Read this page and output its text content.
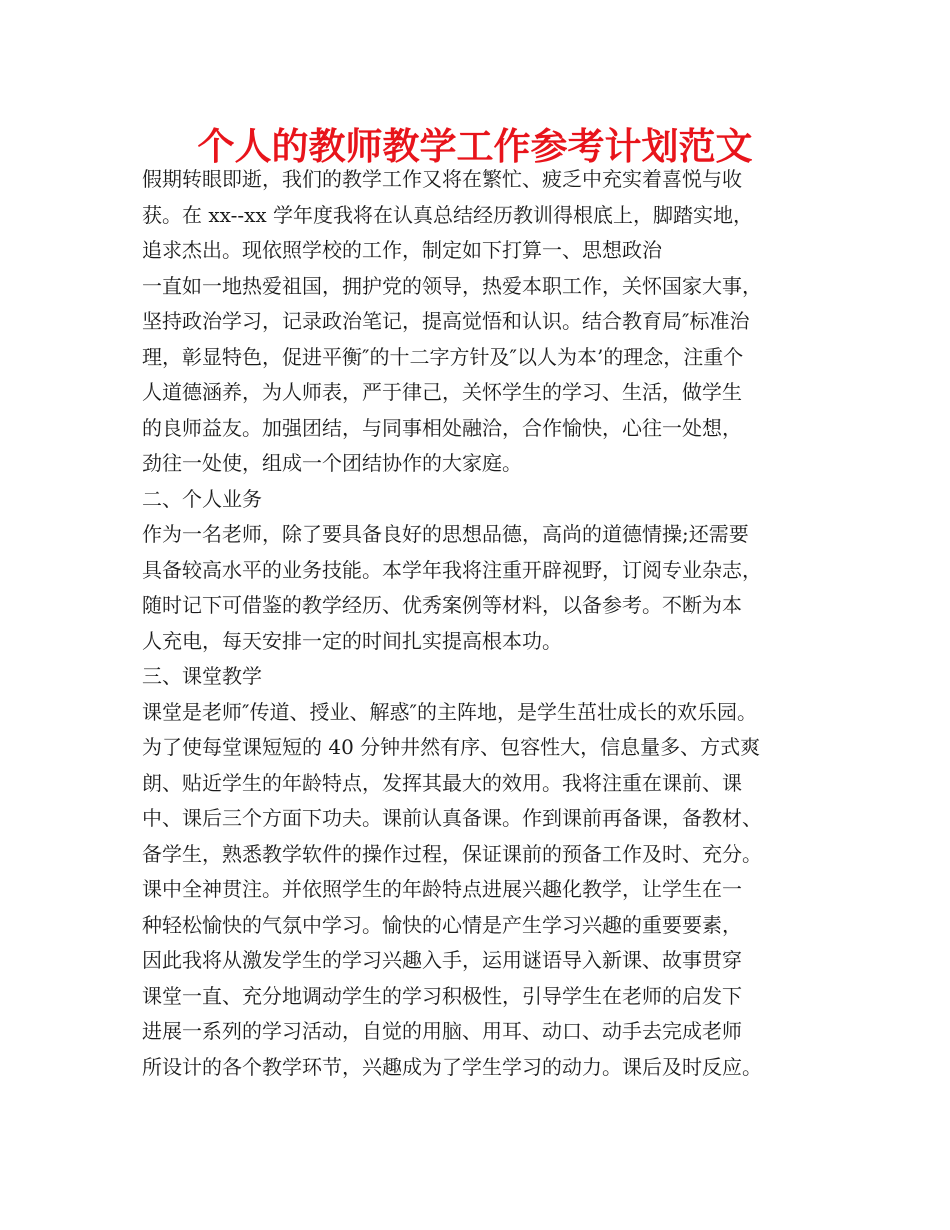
个人的教师教学工作参考计划范文
假期转眼即逝，我们的教学工作又将在繁忙、疲乏中充实着喜悦与收
获。在 xx--xx 学年度我将在认真总结经历教训得根底上，脚踏实地，
追求杰出。现依照学校的工作，制定如下打算一、思想政治
一直如一地热爱祖国，拥护党的领导，热爱本职工作，关怀国家大事，
坚持政治学习，记录政治笔记，提高觉悟和认识。结合教育局″标准治
理，彰显特色，促进平衡″的十二字方针及″以人为本’的理念，注重个
人道德涵养，为人师表，严于律己，关怀学生的学习、生活，做学生
的良师益友。加强团结，与同事相处融洽，合作愉快，心往一处想，
劲往一处使，组成一个团结协作的大家庭。
二、个人业务
作为一名老师，除了要具备良好的思想品德，高尚的道德情操;还需要
具备较高水平的业务技能。本学年我将注重开辟视野，订阅专业杂志，
随时记下可借鉴的教学经历、优秀案例等材料，以备参考。不断为本
人充电，每天安排一定的时间扎实提高根本功。
三、课堂教学
课堂是老师″传道、授业、解惑″的主阵地，是学生茁壮成长的欢乐园。
为了使每堂课短短的 40 分钟井然有序、包容性大，信息量多、方式爽
朗、贴近学生的年龄特点，发挥其最大的效用。我将注重在课前、课
中、课后三个方面下功夫。课前认真备课。作到课前再备课，备教材、
备学生，熟悉教学软件的操作过程，保证课前的预备工作及时、充分。
课中全神贯注。并依照学生的年龄特点进展兴趣化教学，让学生在一
种轻松愉快的气氛中学习。愉快的心情是产生学习兴趣的重要要素，
因此我将从激发学生的学习兴趣入手，运用谜语导入新课、故事贯穿
课堂一直、充分地调动学生的学习积极性，引导学生在老师的启发下
进展一系列的学习活动，自觉的用脑、用耳、动口、动手去完成老师
所设计的各个教学环节，兴趣成为了学生学习的动力。课后及时反应。
